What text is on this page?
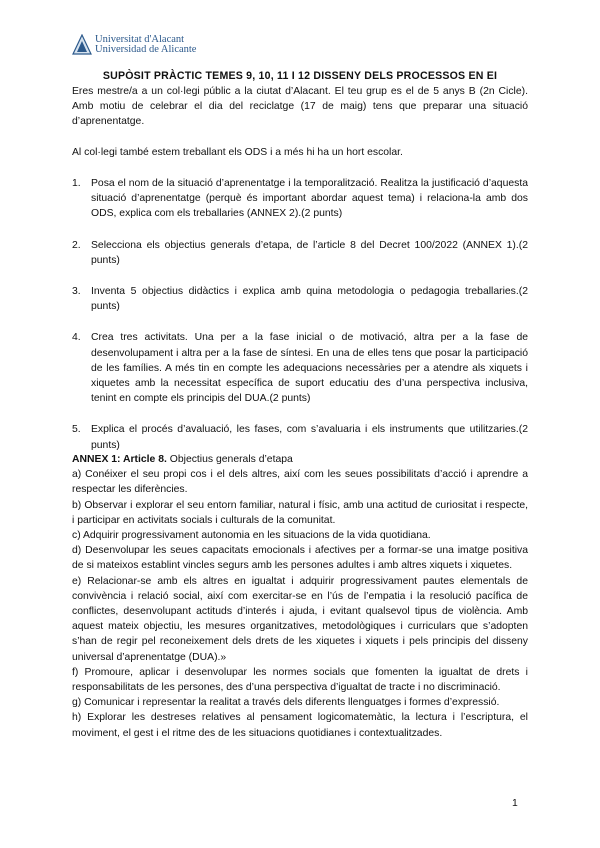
Universitat d'Alacant
Universidad de Alicante
SUPÒSIT PRÀCTIC TEMES 9, 10, 11 I 12 DISSENY DELS PROCESSOS EN EI

Eres mestre/a a un col·legi públic a la ciutat d’Alacant. El teu grup es el de 5 anys B (2n Cicle). Amb motiu de celebrar el dia del reciclatge (17 de maig) tens que preparar una situació d’aprenentatge.

Al col·legi també estem treballant els ODS i a més hi ha un hort escolar.

1. Posa el nom de la situació d’aprenentatge i la temporalització. Realitza la justificació d’aquesta situació d’aprenentatge (perquè és important abordar aquest tema) i relaciona-la amb dos ODS, explica com els treballaries (ANNEX 2).(2 punts)
2. Selecciona els objectius generals d’etapa, de l’article 8 del Decret 100/2022 (ANNEX 1).(2 punts)
3. Inventa 5 objectius didàctics i explica amb quina metodologia o pedagogia treballaries.(2 punts)
4. Crea tres activitats. Una per a la fase inicial o de motivació, altra per a la fase de desenvolupament i altra per a la fase de síntesi. En una de elles tens que posar la participació de les famílies. A més tin en compte les adequacions necessàries per a atendre als xiquets i xiquetes amb la necessitat específica de suport educatiu des d’una perspectiva inclusiva, tenint en compte els principis del DUA.(2 punts)
5. Explica el procés d’avaluació, les fases, com s’avaluaria i els instruments que utilitzaries.(2 punts)

ANNEX 1: Article 8. Objectius generals d’etapa

a) Conéixer el seu propi cos i el dels altres, així com les seues possibilitats d’acció i aprendre a respectar les diferències.

b) Observar i explorar el seu entorn familiar, natural i físic, amb una actitud de curiositat i respecte, i participar en activitats socials i culturals de la comunitat.

c) Adquirir progressivament autonomia en les situacions de la vida quotidiana.

d) Desenvolupar les seues capacitats emocionals i afectives per a formar-se una imatge positiva de si mateixos establint vincles segurs amb les persones adultes i amb altres xiquets i xiquetes.

e) Relacionar-se amb els altres en igualtat i adquirir progressivament pautes elementals de convivència i relació social, així com exercitar-se en l’ús de l’empatia i la resolució pacífica de conflictes, desenvolupant actituds d’interés i ajuda, i evitant qualsevol tipus de violència. Amb aquest mateix objectiu, les mesures organitzatives, metodològiques i curriculars que s’adopten s’han de regir pel reconeixement dels drets de les xiquetes i xiquets i pels principis del disseny universal d’aprenentatge (DUA).»

f) Promoure, aplicar i desenvolupar les normes socials que fomenten la igualtat de drets i responsabilitats de les persones, des d’una perspectiva d’igualtat de tracte i no discriminació.

g) Comunicar i representar la realitat a través dels diferents llenguatges i formes d’expressió.

h) Explorar les destreses relatives al pensament logicomatemàtic, la lectura i l’escriptura, el moviment, el gest i el ritme des de les situacions quotidianes i contextualitzades.

1
